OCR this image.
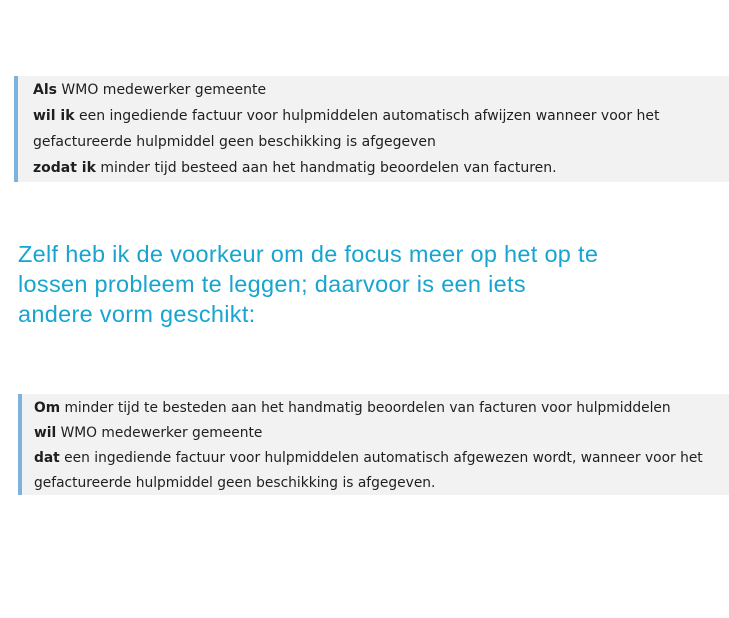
Als WMO medewerker gemeente
wil ik een ingediende factuur voor hulpmiddelen automatisch afwijzen wanneer voor het
gefactureerde hulpmiddel geen beschikking is afgegeven
zodat ik minder tijd besteed aan het handmatig beoordelen van facturen.
Zelf heb ik de voorkeur om de focus meer op het op te
lossen probleem te leggen; daarvoor is een iets
andere vorm geschikt:
Om minder tijd te besteden aan het handmatig beoordelen van facturen voor hulpmiddelen
wil WMO medewerker gemeente
dat een ingediende factuur voor hulpmiddelen automatisch afgewezen wordt, wanneer voor het
gefactureerde hulpmiddel geen beschikking is afgegeven.
